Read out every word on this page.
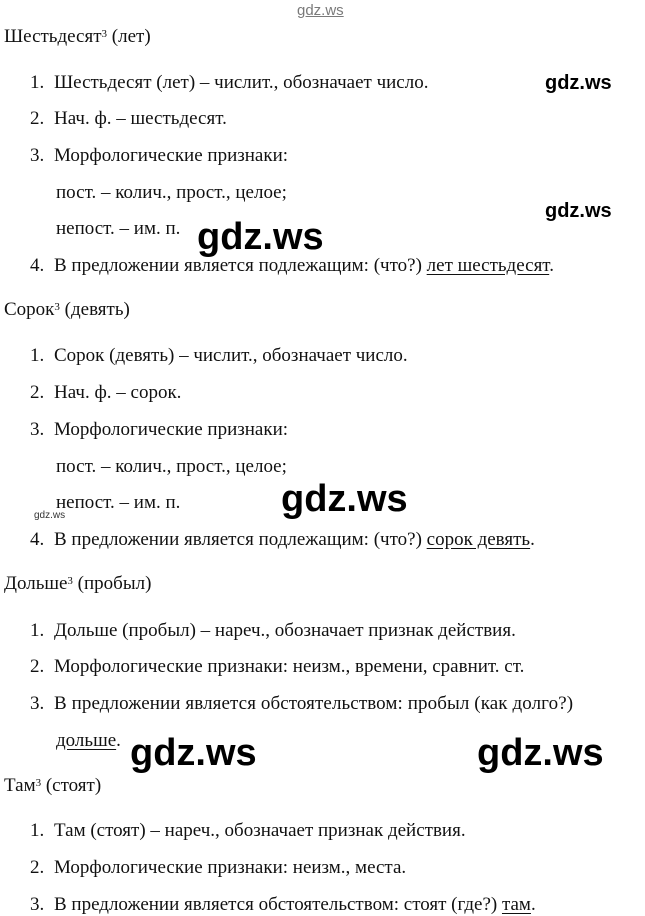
gdz.ws
gdz.ws
gdz.ws
gdz.ws
gdz.ws
gdz.ws
gdz.ws	gdz.ws
Шестьдесят$^3$ (лет)
1. Шестьдесят (лет) – числит., обозначает число.
2. Нач. ф. – шестьдесят.
3. Морфологические признаки:
пост. – колич., прост., целое;
непост. – им. п.
4. В предложении является подлежащим: (что?) лет шестьдесят.
Сорок$^3$ (девять)
1. Сорок (девять) – числит., обозначает число.
2. Нач. ф. – сорок.
3. Морфологические признаки:
пост. – колич., прост., целое;
непост. – им. п.
4. В предложении является подлежащим: (что?) сорок девять.
Дольше$^3$ (пробыл)
1. Дольше (пробыл) – нареч., обозначает признак действия.
2. Морфологические признаки: неизм., времени, сравнит. ст.
3. В предложении является обстоятельством: пробыл (как долго?)
дольше.
Там$^3$ (стоят)
1. Там (стоят) – нареч., обозначает признак действия.
2. Морфологические признаки: неизм., места.
3. В предложении является обстоятельством: стоят (где?) там.
